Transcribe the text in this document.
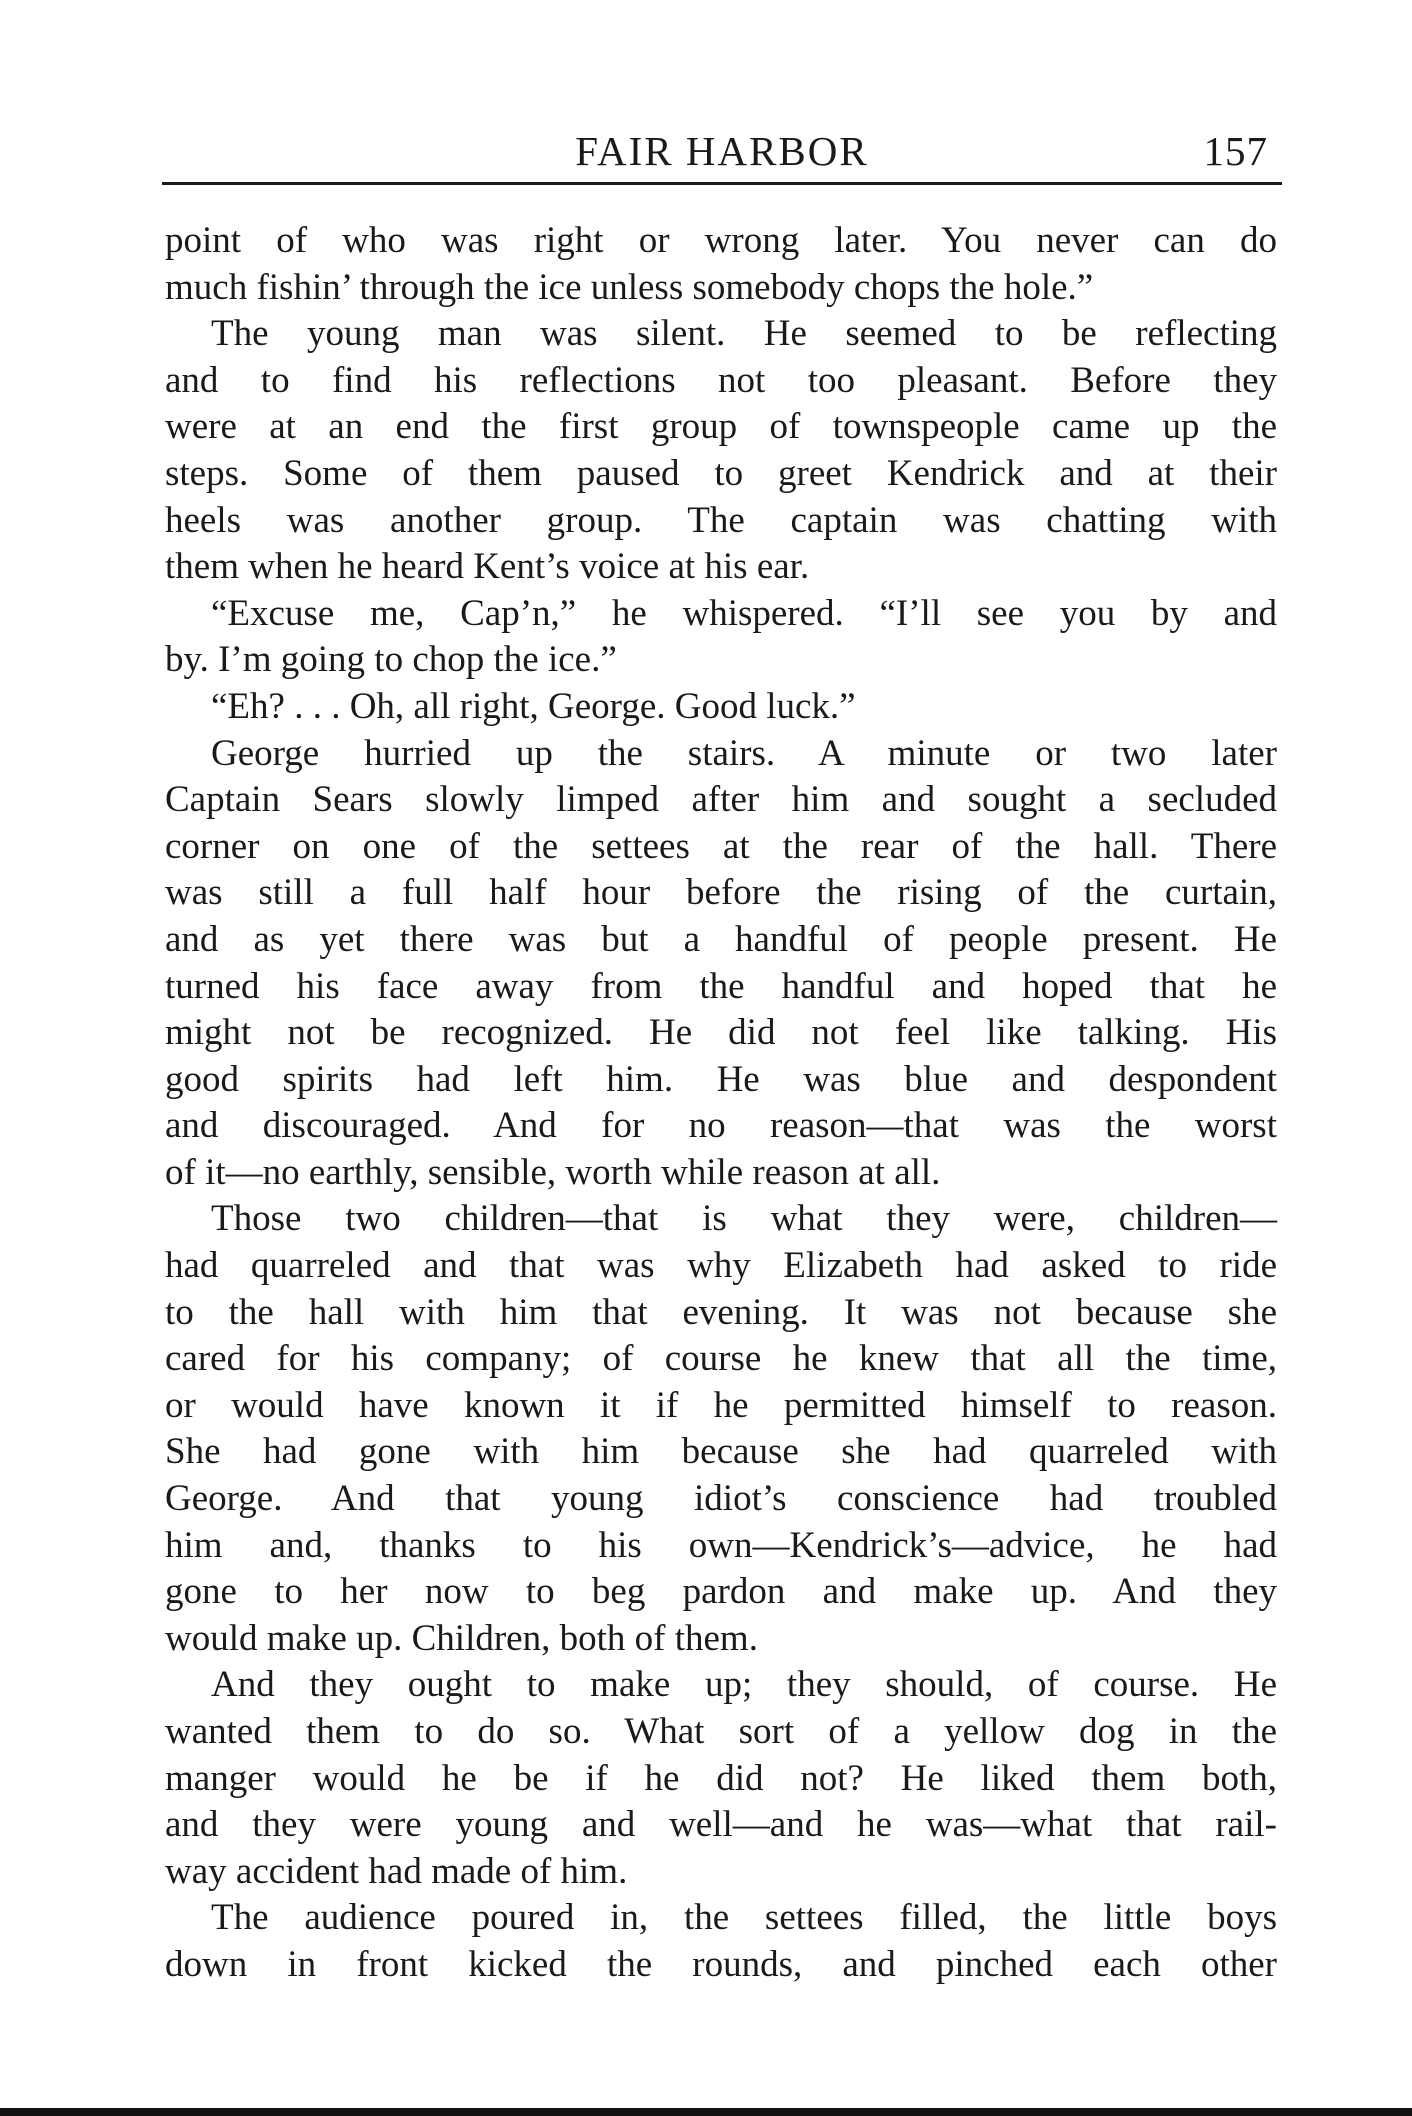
FAIR HARBOR	157
point of who was right or wrong later. You never can do
much fishin’ through the ice unless somebody chops the hole.”
The young man was silent. He seemed to be reflecting
and to find his reflections not too pleasant. Before they
were at an end the first group of townspeople came up the
steps. Some of them paused to greet Kendrick and at their
heels was another group. The captain was chatting with
them when he heard Kent’s voice at his ear.
“Excuse me, Cap’n,” he whispered. “I’ll see you by and
by. I’m going to chop the ice.”
“Eh? . . . Oh, all right, George. Good luck.”
George hurried up the stairs. A minute or two later
Captain Sears slowly limped after him and sought a secluded
corner on one of the settees at the rear of the hall. There
was still a full half hour before the rising of the curtain,
and as yet there was but a handful of people present. He
turned his face away from the handful and hoped that he
might not be recognized. He did not feel like talking. His
good spirits had left him. He was blue and despondent
and discouraged. And for no reason—that was the worst
of it—no earthly, sensible, worth while reason at all.
Those two children—that is what they were, children—
had quarreled and that was why Elizabeth had asked to ride
to the hall with him that evening. It was not because she
cared for his company; of course he knew that all the time,
or would have known it if he permitted himself to reason.
She had gone with him because she had quarreled with
George. And that young idiot’s conscience had troubled
him and, thanks to his own—Kendrick’s—advice, he had
gone to her now to beg pardon and make up. And they
would make up. Children, both of them.
And they ought to make up; they should, of course. He
wanted them to do so. What sort of a yellow dog in the
manger would he be if he did not? He liked them both,
and they were young and well—and he was—what that rail-
way accident had made of him.
The audience poured in, the settees filled, the little boys
down in front kicked the rounds, and pinched each other
